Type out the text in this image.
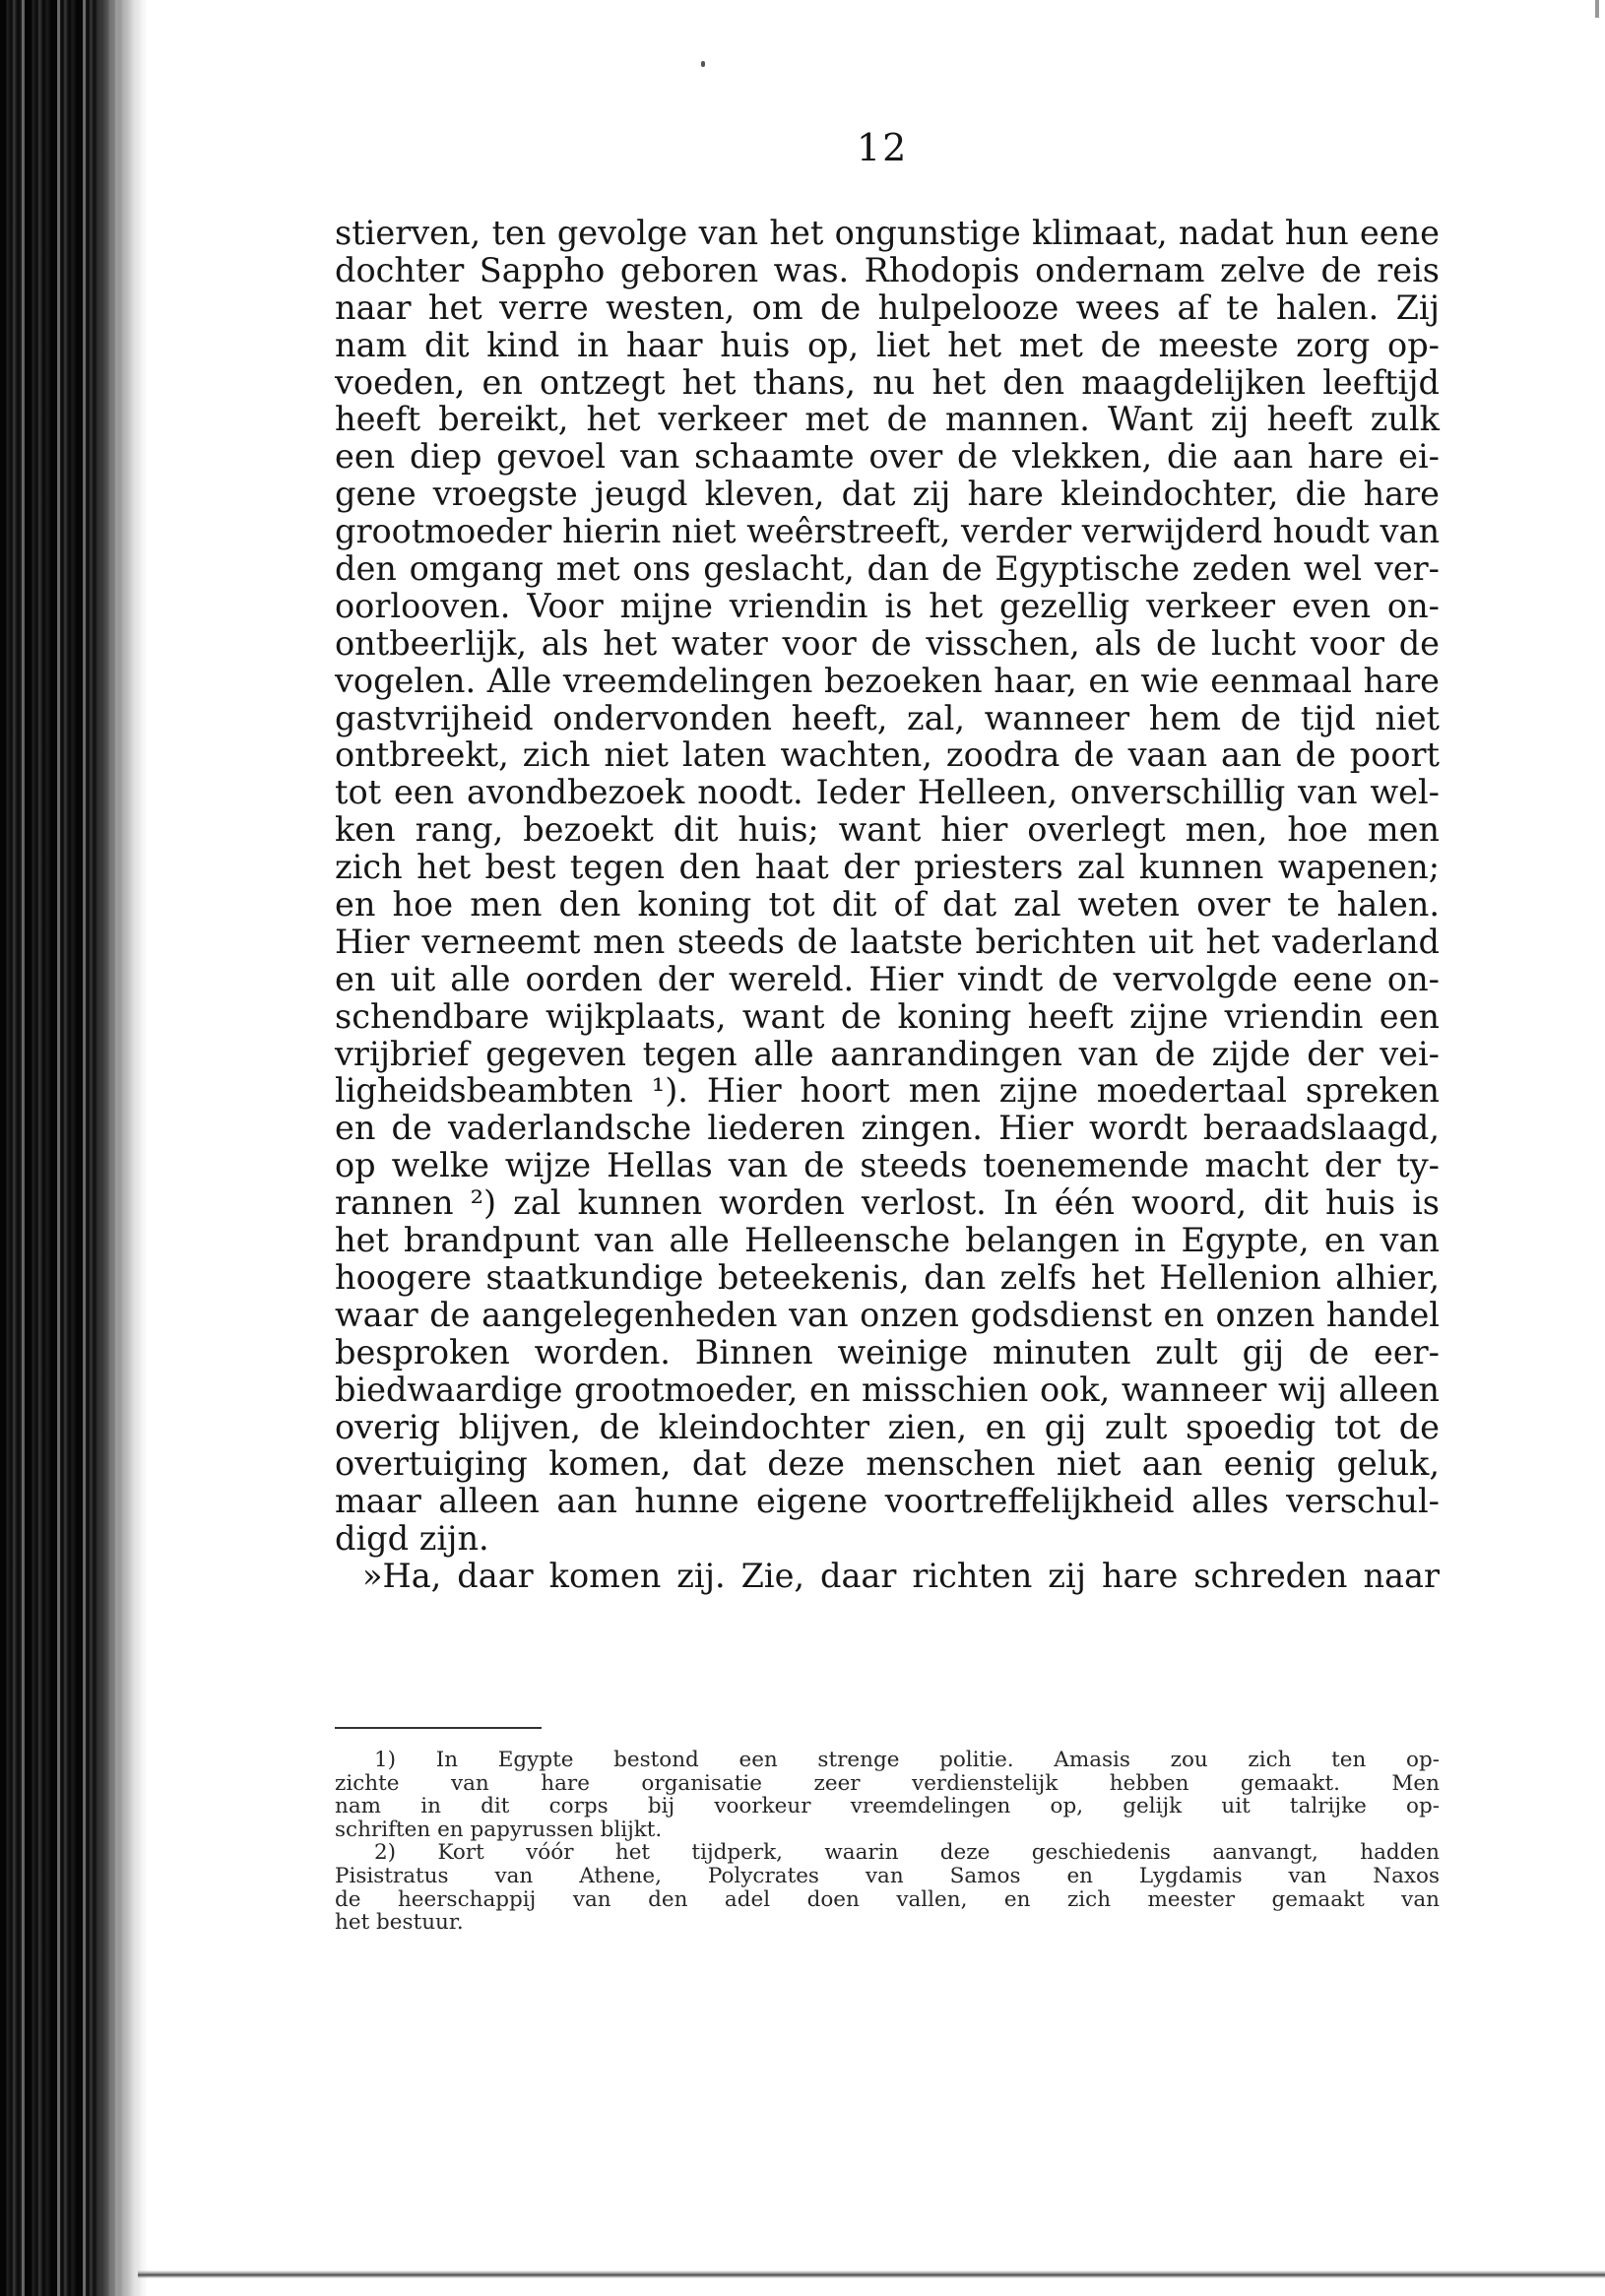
12
stierven, ten gevolge van het ongunstige klimaat, nadat hun eene
dochter Sappho geboren was. Rhodopis ondernam zelve de reis
naar het verre westen, om de hulpelooze wees af te halen. Zij
nam dit kind in haar huis op, liet het met de meeste zorg op-
voeden, en ontzegt het thans, nu het den maagdelijken leeftijd
heeft bereikt, het verkeer met de mannen. Want zij heeft zulk
een diep gevoel van schaamte over de vlekken, die aan hare ei-
gene vroegste jeugd kleven, dat zij hare kleindochter, die hare
grootmoeder hierin niet weêrstreeft, verder verwijderd houdt van
den omgang met ons geslacht, dan de Egyptische zeden wel ver-
oorlooven. Voor mijne vriendin is het gezellig verkeer even on-
ontbeerlijk, als het water voor de visschen, als de lucht voor de
vogelen. Alle vreemdelingen bezoeken haar, en wie eenmaal hare
gastvrijheid ondervonden heeft, zal, wanneer hem de tijd niet
ontbreekt, zich niet laten wachten, zoodra de vaan aan de poort
tot een avondbezoek noodt. Ieder Helleen, onverschillig van wel-
ken rang, bezoekt dit huis; want hier overlegt men, hoe men
zich het best tegen den haat der priesters zal kunnen wapenen;
en hoe men den koning tot dit of dat zal weten over te halen.
Hier verneemt men steeds de laatste berichten uit het vaderland
en uit alle oorden der wereld. Hier vindt de vervolgde eene on-
schendbare wijkplaats, want de koning heeft zijne vriendin een
vrijbrief gegeven tegen alle aanrandingen van de zijde der vei-
ligheidsbeambten ¹). Hier hoort men zijne moedertaal spreken
en de vaderlandsche liederen zingen. Hier wordt beraadslaagd,
op welke wijze Hellas van de steeds toenemende macht der ty-
rannen ²) zal kunnen worden verlost. In één woord, dit huis is
het brandpunt van alle Helleensche belangen in Egypte, en van
hoogere staatkundige beteekenis, dan zelfs het Hellenion alhier,
waar de aangelegenheden van onzen godsdienst en onzen handel
besproken worden. Binnen weinige minuten zult gij de eer-
biedwaardige grootmoeder, en misschien ook, wanneer wij alleen
overig blijven, de kleindochter zien, en gij zult spoedig tot de
overtuiging komen, dat deze menschen niet aan eenig geluk,
maar alleen aan hunne eigene voortreffelijkheid alles verschul-
digd zijn.
»Ha, daar komen zij. Zie, daar richten zij hare schreden naar
1) In Egypte bestond een strenge politie. Amasis zou zich ten op-
zichte van hare organisatie zeer verdienstelijk hebben gemaakt. Men
nam in dit corps bij voorkeur vreemdelingen op, gelijk uit talrijke op-
schriften en papyrussen blijkt.
2) Kort vóór het tijdperk, waarin deze geschiedenis aanvangt, hadden
Pisistratus van Athene, Polycrates van Samos en Lygdamis van Naxos
de heerschappij van den adel doen vallen, en zich meester gemaakt van
het bestuur.
